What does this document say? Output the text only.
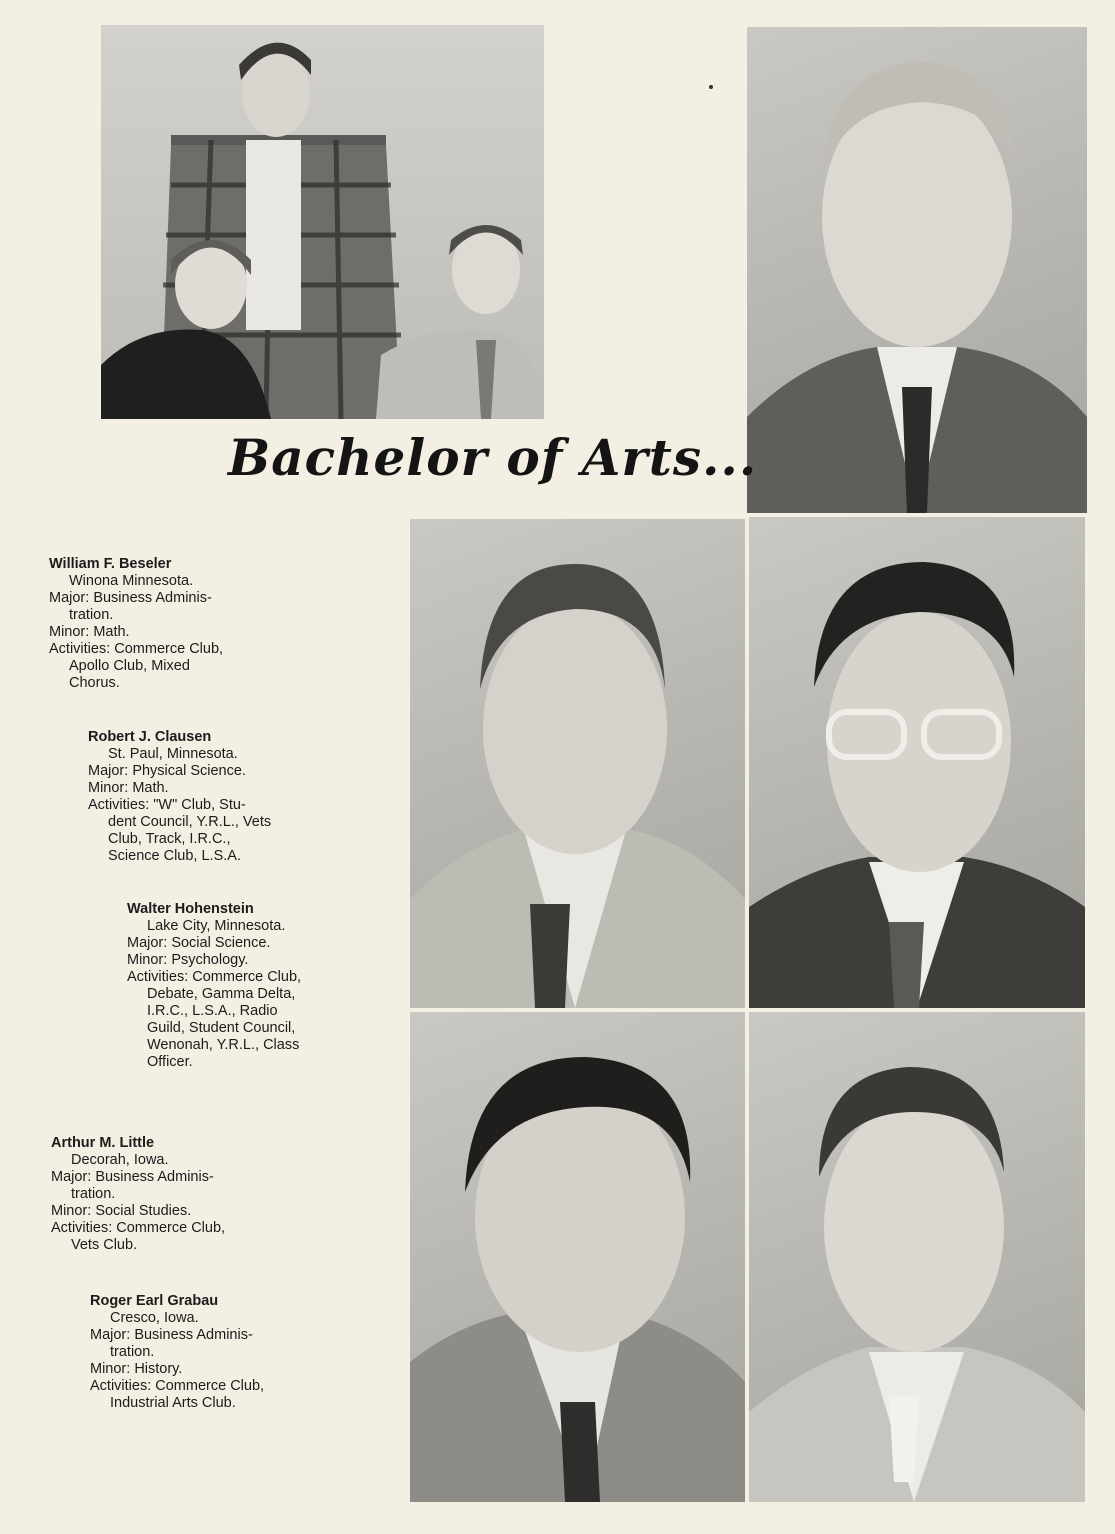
Bachelor of Arts...
William F. Beseler
Winona Minnesota.
Major: Business Adminis-
tration.
Minor: Math.
Activities: Commerce Club,
Apollo Club, Mixed
Chorus.
Robert J. Clausen
St. Paul, Minnesota.
Major: Physical Science.
Minor: Math.
Activities: "W" Club, Stu-
dent Council, Y.R.L., Vets
Club, Track, I.R.C.,
Science Club, L.S.A.
Walter Hohenstein
Lake City, Minnesota.
Major: Social Science.
Minor: Psychology.
Activities: Commerce Club,
Debate, Gamma Delta,
I.R.C., L.S.A., Radio
Guild, Student Council,
Wenonah, Y.R.L., Class
Officer.
Arthur M. Little
Decorah, Iowa.
Major: Business Adminis-
tration.
Minor: Social Studies.
Activities: Commerce Club,
Vets Club.
Roger Earl Grabau
Cresco, Iowa.
Major: Business Adminis-
tration.
Minor: History.
Activities: Commerce Club,
Industrial Arts Club.
